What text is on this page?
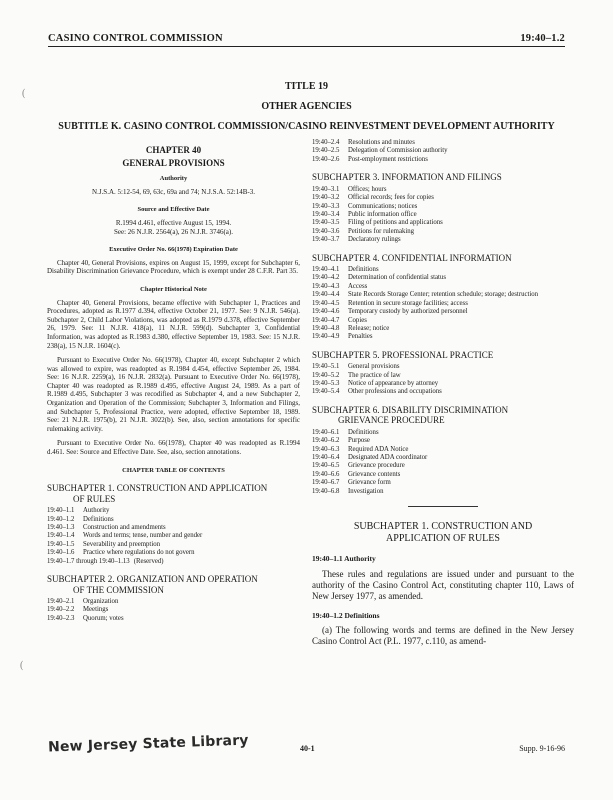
CASINO CONTROL COMMISSION	19:40–1.2
(
(
TITLE 19
OTHER AGENCIES
SUBTITLE K. CASINO CONTROL COMMISSION/CASINO REINVESTMENT DEVELOPMENT AUTHORITY
CHAPTER 40
GENERAL PROVISIONS
Authority
N.J.S.A. 5:12-54, 69, 63c, 69a and 74; N.J.S.A. 52:14B-3.
Source and Effective Date
R.1994 d.461, effective August 15, 1994.
See: 26 N.J.R. 2564(a), 26 N.J.R. 3746(a).
Executive Order No. 66(1978) Expiration Date

Chapter 40, General Provisions, expires on August 15, 1999, except for Subchapter 6, Disability Discrimination Grievance Procedure, which is exempt under 28 C.F.R. Part 35.

Chapter Historical Note

Chapter 40, General Provisions, became effective with Subchapter 1, Practices and Procedures, adopted as R.1977 d.394, effective October 21, 1977. See: 9 N.J.R. 546(a). Subchapter 2, Child Labor Violations, was adopted as R.1979 d.378, effective September 26, 1979. See: 11 N.J.R. 418(a), 11 N.J.R. 599(d). Subchapter 3, Confidential Information, was adopted as R.1983 d.380, effective September 19, 1983. See: 15 N.J.R. 238(a), 15 N.J.R. 1604(c).

Pursuant to Executive Order No. 66(1978), Chapter 40, except Subchapter 2 which was allowed to expire, was readopted as R.1984 d.454, effective September 26, 1984. See: 16 N.J.R. 2259(a), 16 N.J.R. 2832(a). Pursuant to Executive Order No. 66(1978), Chapter 40 was readopted as R.1989 d.495, effective August 24, 1989. As a part of R.1989 d.495, Subchapter 3 was recodified as Subchapter 4, and a new Subchapter 2, Organization and Operation of the Commission; Subchapter 3, Information and Filings, and Subchapter 5, Professional Practice, were adopted, effective September 18, 1989. See: 21 N.J.R. 1975(b), 21 N.J.R. 3022(b). See, also, section annotations for specific rulemaking activity.

Pursuant to Executive Order No. 66(1978), Chapter 40 was readopted as R.1994 d.461. See: Source and Effective Date. See, also, section annotations.

CHAPTER TABLE OF CONTENTS
SUBCHAPTER 1. CONSTRUCTION AND APPLICATION
OF RULES
19:40–1.1	Authority
19:40–1.2	Definitions
19:40–1.3	Construction and amendments
19:40–1.4	Words and terms; tense, number and gender
19:40–1.5	Severability and preemption
19:40–1.6	Practice where regulations do not govern
19:40–1.7 through 19:40–1.13 (Reserved)
SUBCHAPTER 2. ORGANIZATION AND OPERATION
OF THE COMMISSION
19:40–2.1	Organization
19:40–2.2	Meetings
19:40–2.3	Quorum; votes
19:40–2.4	Resolutions and minutes
19:40–2.5	Delegation of Commission authority
19:40–2.6	Post-employment restrictions
SUBCHAPTER 3. INFORMATION AND FILINGS
19:40–3.1	Offices; hours
19:40–3.2	Official records; fees for copies
19:40–3.3	Communications; notices
19:40–3.4	Public information office
19:40–3.5	Filing of petitions and applications
19:40–3.6	Petitions for rulemaking
19:40–3.7	Declaratory rulings
SUBCHAPTER 4. CONFIDENTIAL INFORMATION
19:40–4.1	Definitions
19:40–4.2	Determination of confidential status
19:40–4.3	Access
19:40–4.4	State Records Storage Center; retention schedule; storage; destruction
19:40–4.5	Retention in secure storage facilities; access
19:40–4.6	Temporary custody by authorized personnel
19:40–4.7	Copies
19:40–4.8	Release; notice
19:40–4.9	Penalties
SUBCHAPTER 5. PROFESSIONAL PRACTICE
19:40–5.1	General provisions
19:40–5.2	The practice of law
19:40–5.3	Notice of appearance by attorney
19:40–5.4	Other professions and occupations
SUBCHAPTER 6. DISABILITY DISCRIMINATION
GRIEVANCE PROCEDURE
19:40–6.1	Definitions
19:40–6.2	Purpose
19:40–6.3	Required ADA Notice
19:40–6.4	Designated ADA coordinator
19:40–6.5	Grievance procedure
19:40–6.6	Grievance contents
19:40–6.7	Grievance form
19:40–6.8	Investigation
SUBCHAPTER 1. CONSTRUCTION AND
APPLICATION OF RULES
19:40–1.1 Authority

These rules and regulations are issued under and pursuant to the authority of the Casino Control Act, constituting chapter 110, Laws of New Jersey 1977, as amended.

19:40–1.2 Definitions

(a) The following words and terms are defined in the New Jersey Casino Control Act (P.L. 1977, c.110, as amend-

New Jersey State Library	40-1	Supp. 9-16-96
